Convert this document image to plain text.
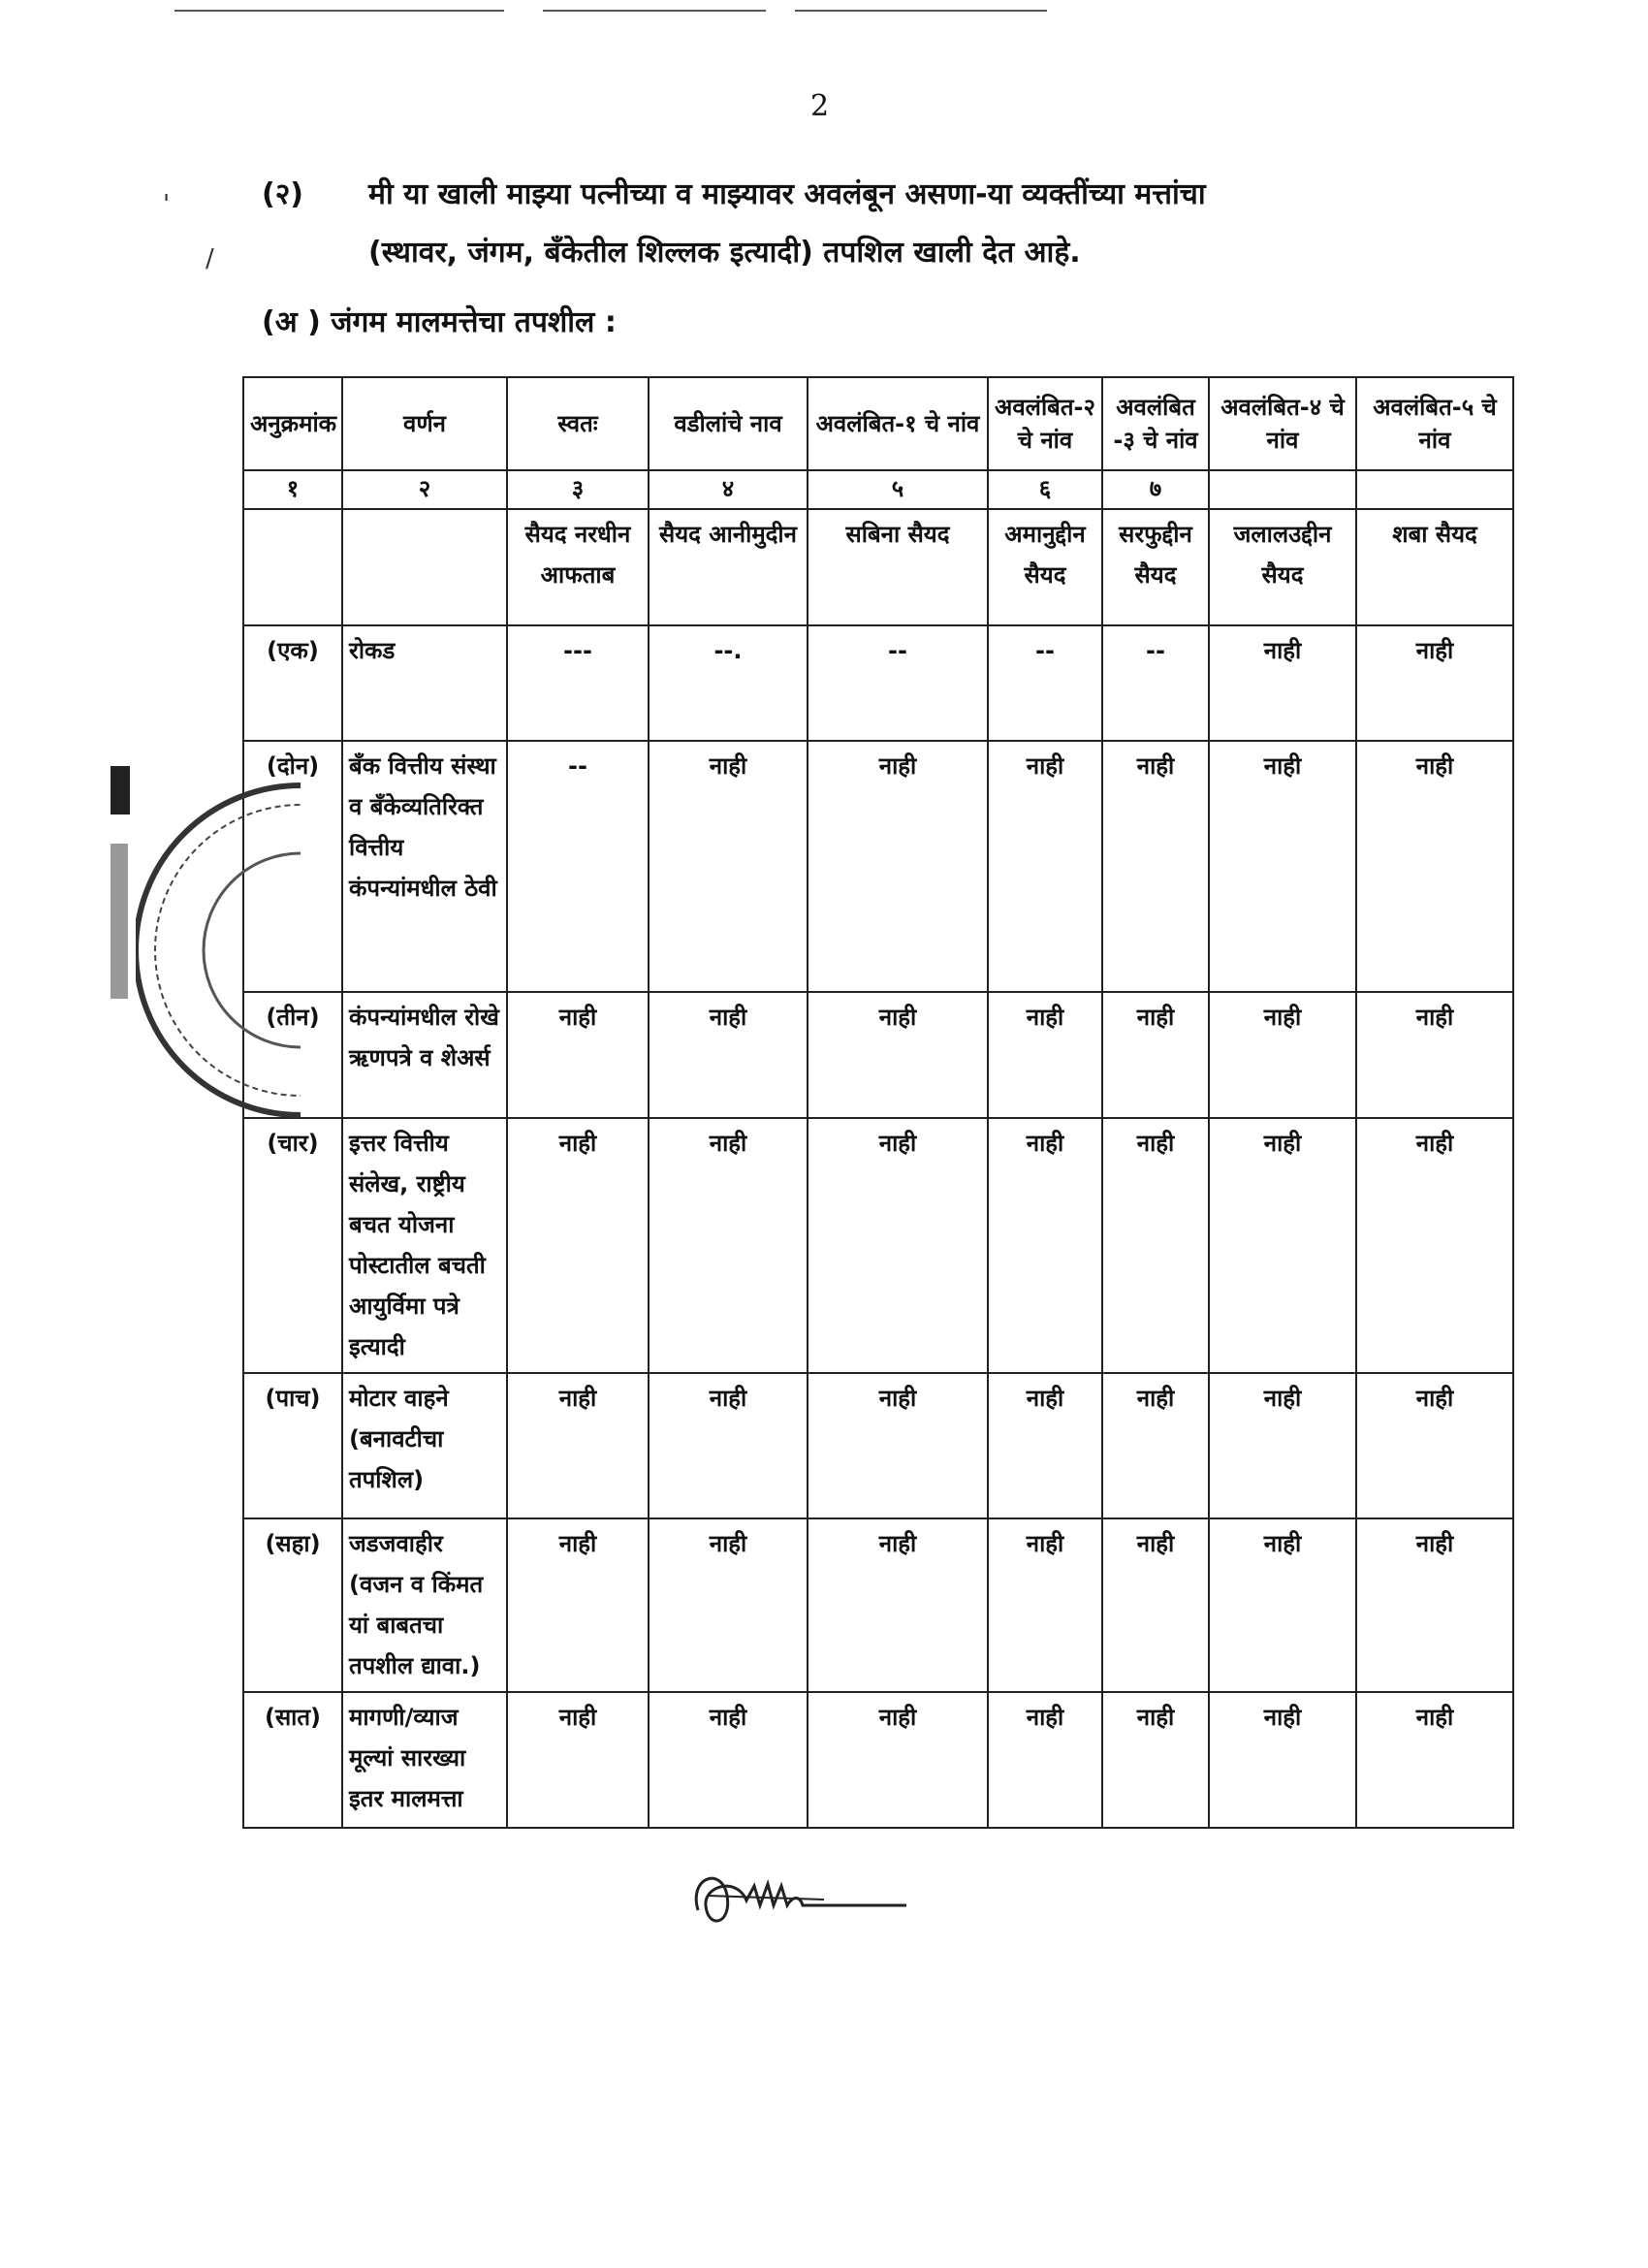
2
'
/
(२) मी या खाली माझ्या पत्नीच्या व माझ्यावर अवलंबून असणा-या व्यक्तींच्या मत्तांचा
(स्थावर, जंगम, बॅंकेतील शिल्लक इत्यादी) तपशिल खाली देत आहे.
(अ ) जंगम मालमत्तेचा तपशील :
अनुक्रमांक	वर्णन	स्वतः	वडीलांचे नाव	अवलंबित-१ चे नांव	अवलंबित-२ चे नांव	अवलंबित -३ चे नांव	अवलंबित-४ चे नांव	अवलंबित-५ चे नांव
१	२	३	४	५	६	७		
		सैयद नरधीन आफताब	सैयद आनीमुदीन	सबिना सैयद	अमानुद्दीन सैयद	सरफुद्दीन सैयद	जलालउद्दीन सैयद	शबा सैयद
(एक)	रोकड	---	--.	--	--	--	नाही	नाही
(दोन)	बॅंक वित्तीय संस्था व बॅंकेव्यतिरिक्त वित्तीय कंपन्यांमधील ठेवी	--	नाही	नाही	नाही	नाही	नाही	नाही
(तीन)	कंपन्यांमधील रोखे ऋणपत्रे व शेअर्स	नाही	नाही	नाही	नाही	नाही	नाही	नाही
(चार)	इत्तर वित्तीय संलेख, राष्ट्रीय बचत योजना पोस्टातील बचती आयुर्विमा पत्रे इत्यादी	नाही	नाही	नाही	नाही	नाही	नाही	नाही
(पाच)	मोटार वाहने (बनावटीचा तपशिल)	नाही	नाही	नाही	नाही	नाही	नाही	नाही
(सहा)	जडजवाहीर (वजन व किंमत यां बाबतचा तपशील द्यावा.)	नाही	नाही	नाही	नाही	नाही	नाही	नाही
(सात)	मागणी/व्याज मूल्यां सारख्या इतर मालमत्ता	नाही	नाही	नाही	नाही	नाही	नाही	नाही
